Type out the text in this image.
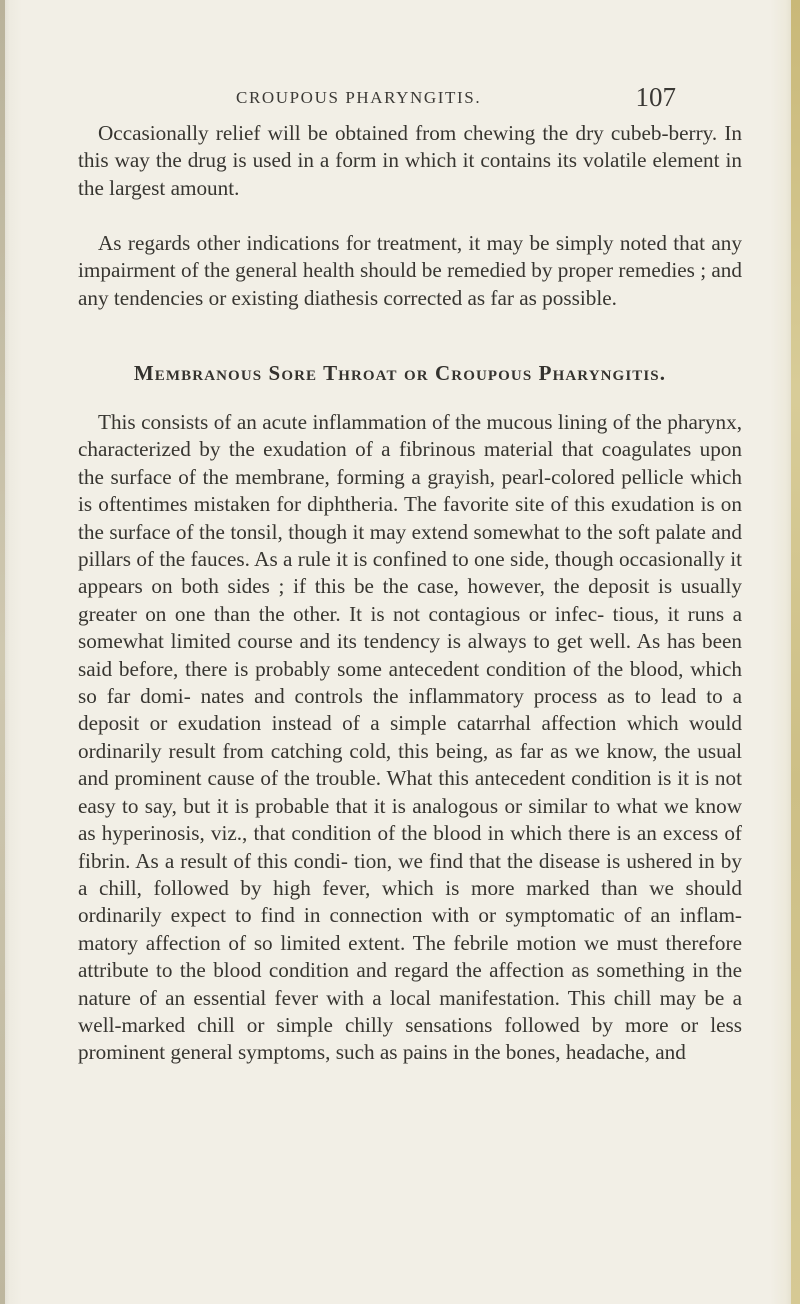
CROUPOUS PHARYNGITIS.	107

Occasionally relief will be obtained from chewing the dry cubeb-berry. In this way the drug is used in a form in which it contains its volatile element in the largest amount.

As regards other indications for treatment, it may be simply noted that any impairment of the general health should be remedied by proper remedies ; and any tendencies or existing diathesis corrected as far as possible.

Membranous Sore Throat or Croupous Pharyngitis.

This consists of an acute inflammation of the mucous lining of the pharynx, characterized by the exudation of a fibrinous material that coagulates upon the surface of the membrane, forming a grayish, pearl-colored pellicle which is oftentimes mistaken for diphtheria. The favorite site of this exudation is on the surface of the tonsil, though it may extend somewhat to the soft palate and pillars of the fauces. As a rule it is confined to one side, though occasionally it appears on both sides ; if this be the case, however, the deposit is usually greater on one than the other. It is not contagious or infec- tious, it runs a somewhat limited course and its tendency is always to get well. As has been said before, there is probably some antecedent condition of the blood, which so far domi- nates and controls the inflammatory process as to lead to a deposit or exudation instead of a simple catarrhal affection which would ordinarily result from catching cold, this being, as far as we know, the usual and prominent cause of the trouble. What this antecedent condition is it is not easy to say, but it is probable that it is analogous or similar to what we know as hyperinosis, viz., that condition of the blood in which there is an excess of fibrin. As a result of this condi- tion, we find that the disease is ushered in by a chill, followed by high fever, which is more marked than we should ordinarily expect to find in connection with or symptomatic of an inflam- matory affection of so limited extent. The febrile motion we must therefore attribute to the blood condition and regard the affection as something in the nature of an essential fever with a local manifestation. This chill may be a well-marked chill or simple chilly sensations followed by more or less prominent general symptoms, such as pains in the bones, headache, and
